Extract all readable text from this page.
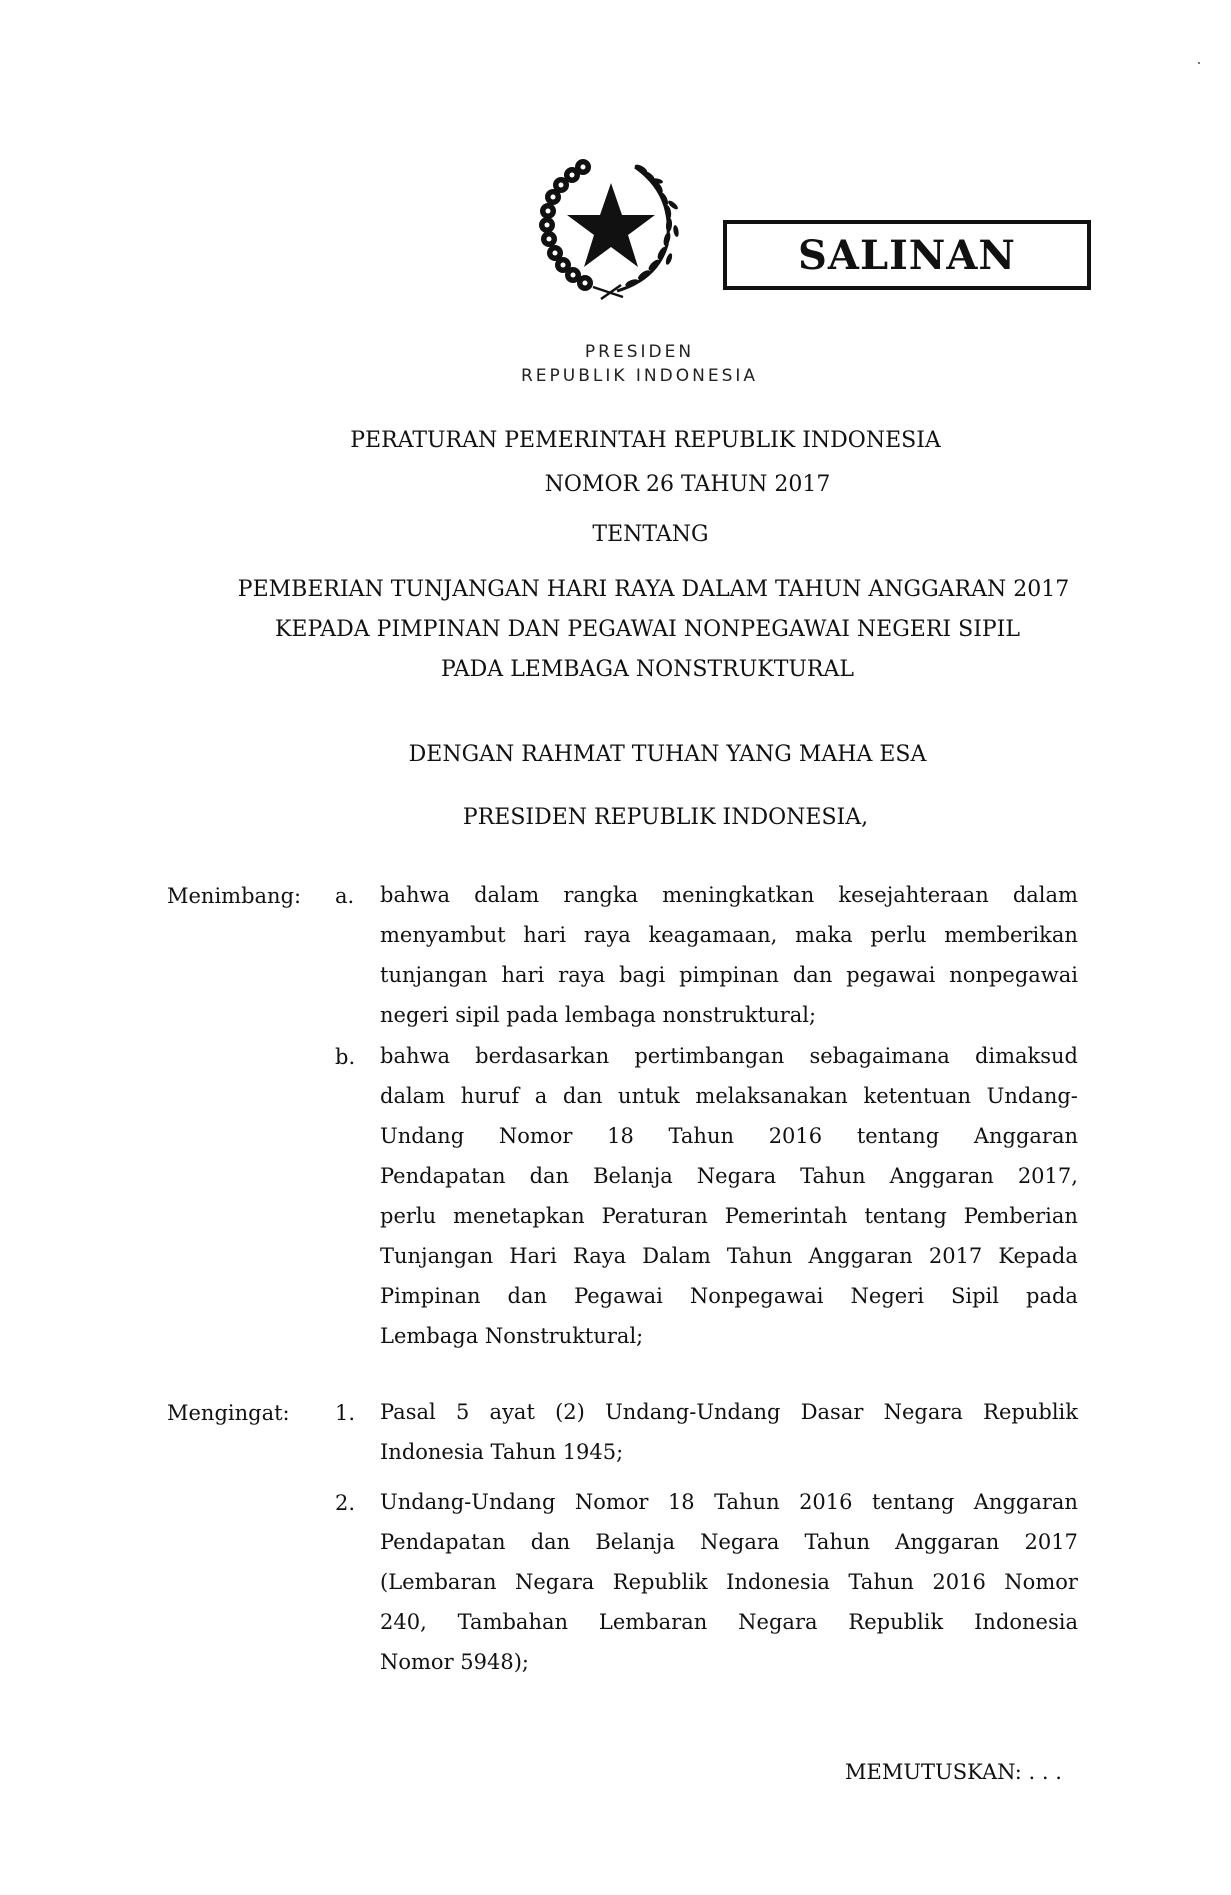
SALINAN
PRESIDEN
REPUBLIK INDONESIA
PERATURAN PEMERINTAH REPUBLIK INDONESIA
NOMOR 26 TAHUN 2017
TENTANG
PEMBERIAN TUNJANGAN HARI RAYA DALAM TAHUN ANGGARAN 2017
KEPADA PIMPINAN DAN PEGAWAI NONPEGAWAI NEGERI SIPIL
PADA LEMBAGA NONSTRUKTURAL
DENGAN RAHMAT TUHAN YANG MAHA ESA
PRESIDEN REPUBLIK INDONESIA,
Menimbang: a. bahwa dalam rangka meningkatkan kesejahteraan dalam
menyambut hari raya keagamaan, maka perlu memberikan
tunjangan hari raya bagi pimpinan dan pegawai nonpegawai
negeri sipil pada lembaga nonstruktural;
b. bahwa berdasarkan pertimbangan sebagaimana dimaksud
dalam huruf a dan untuk melaksanakan ketentuan Undang-
Undang Nomor 18 Tahun 2016 tentang Anggaran
Pendapatan dan Belanja Negara Tahun Anggaran 2017,
perlu menetapkan Peraturan Pemerintah tentang Pemberian
Tunjangan Hari Raya Dalam Tahun Anggaran 2017 Kepada
Pimpinan dan Pegawai Nonpegawai Negeri Sipil pada
Lembaga Nonstruktural;
Mengingat: 1. Pasal 5 ayat (2) Undang-Undang Dasar Negara Republik
Indonesia Tahun 1945;
2. Undang-Undang Nomor 18 Tahun 2016 tentang Anggaran
Pendapatan dan Belanja Negara Tahun Anggaran 2017
(Lembaran Negara Republik Indonesia Tahun 2016 Nomor
240, Tambahan Lembaran Negara Republik Indonesia
Nomor 5948);
MEMUTUSKAN: . . .
